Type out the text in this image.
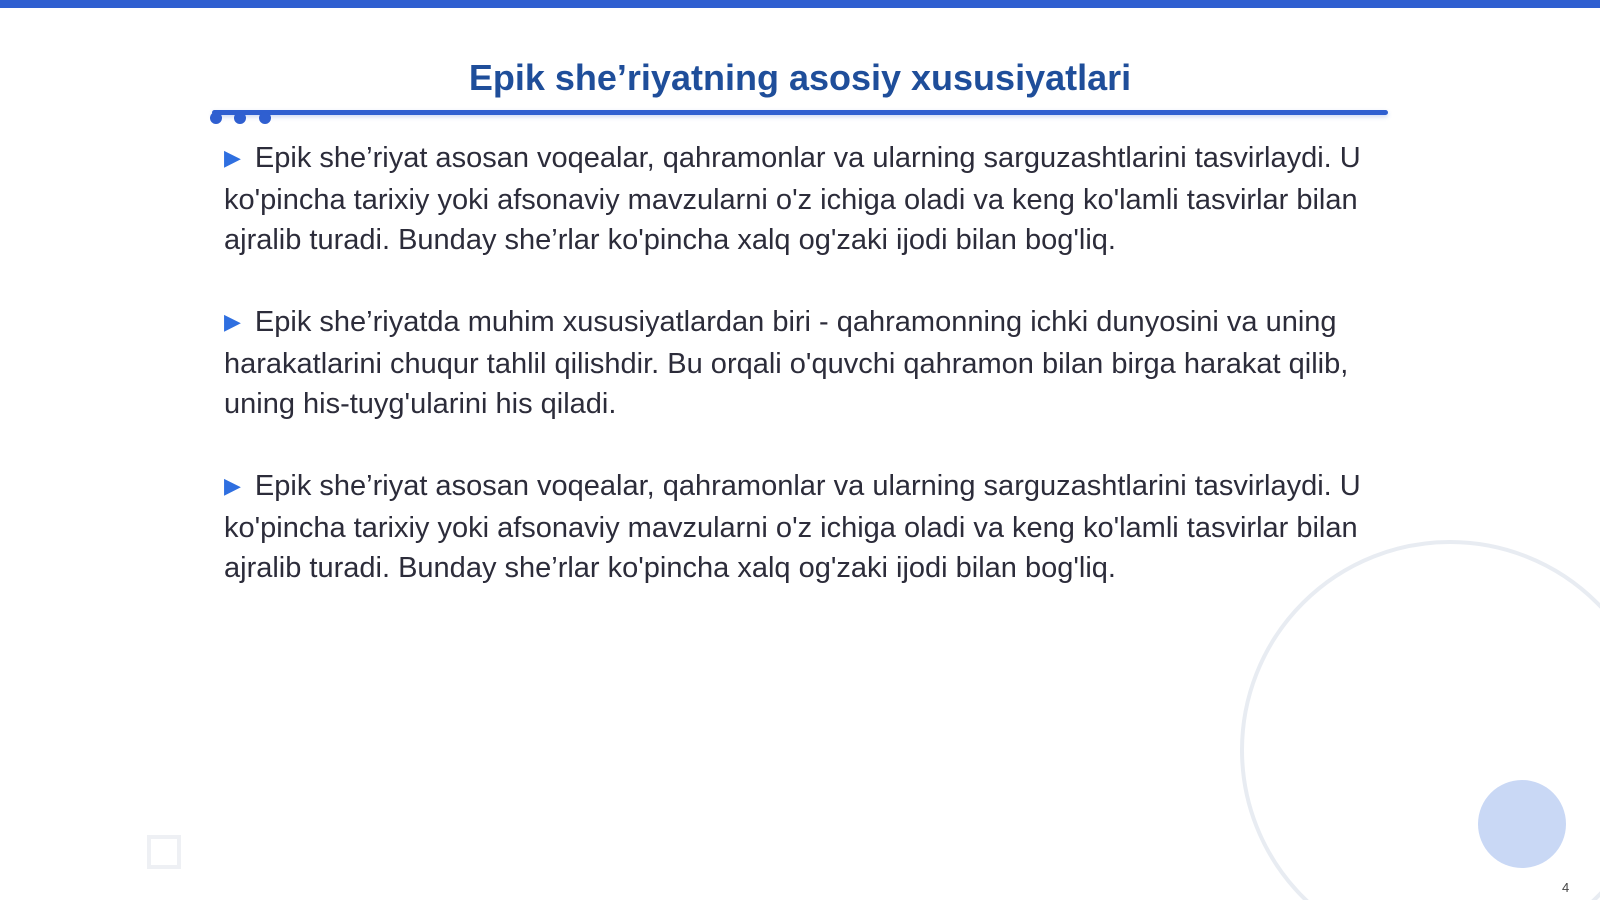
Epik she’riyatning asosiy xususiyatlari

▶ Epik she’riyat asosan voqealar, qahramonlar va ularning sarguzashtlarini tasvirlaydi. U ko'pincha tarixiy yoki afsonaviy mavzularni o'z ichiga oladi va keng ko'lamli tasvirlar bilan ajralib turadi. Bunday she’rlar ko'pincha xalq og'zaki ijodi bilan bog'liq.

▶ Epik she’riyatda muhim xususiyatlardan biri - qahramonning ichki dunyosini va uning harakatlarini chuqur tahlil qilishdir. Bu orqali o'quvchi qahramon bilan birga harakat qilib, uning his-tuyg'ularini his qiladi.

▶ Epik she’riyat asosan voqealar, qahramonlar va ularning sarguzashtlarini tasvirlaydi. U ko'pincha tarixiy yoki afsonaviy mavzularni o'z ichiga oladi va keng ko'lamli tasvirlar bilan ajralib turadi. Bunday she’rlar ko'pincha xalq og'zaki ijodi bilan bog'liq.

4
